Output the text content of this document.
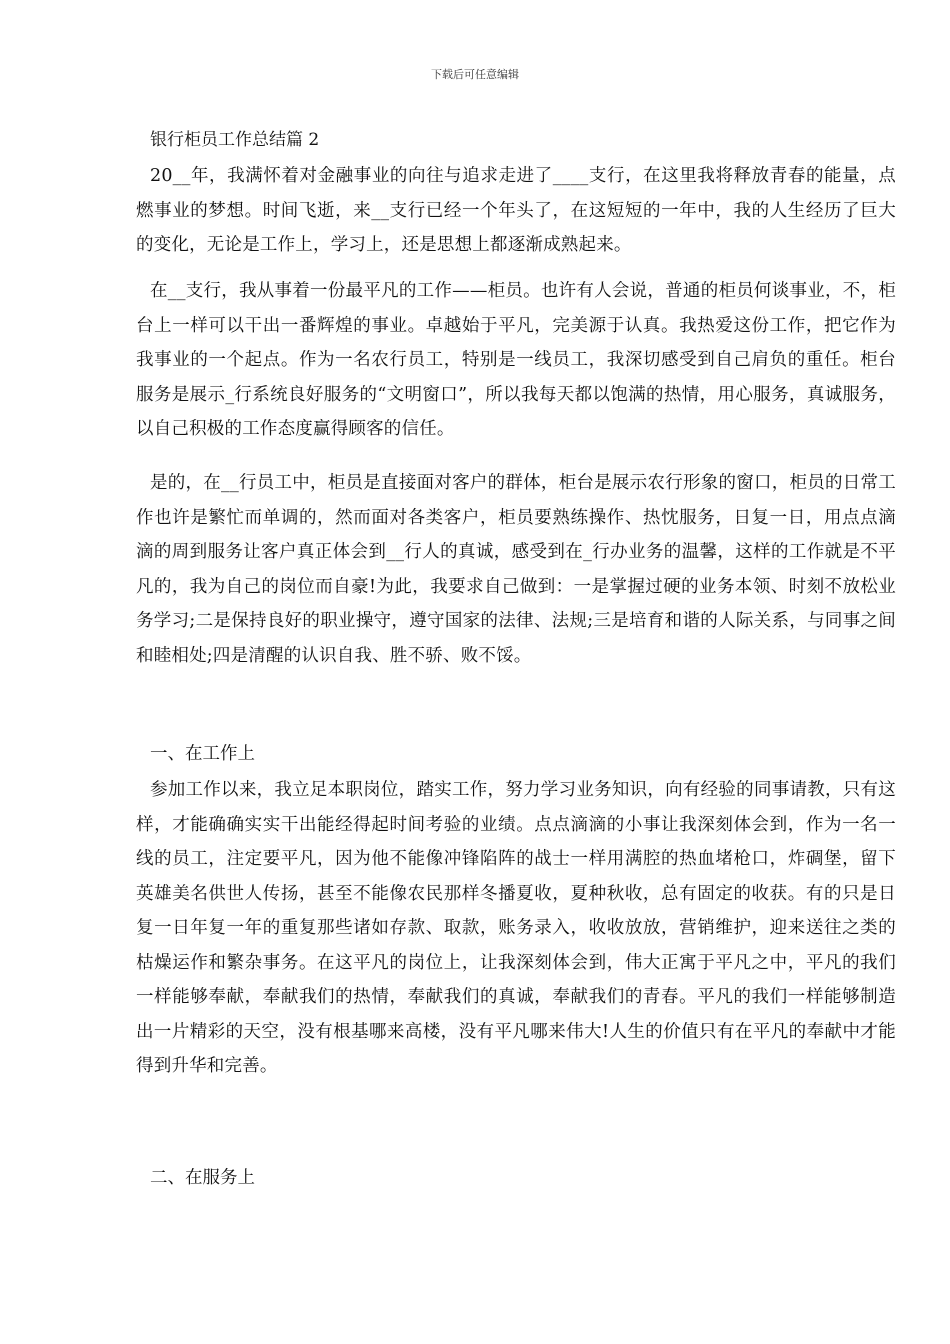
下载后可任意编辑
银行柜员工作总结篇 2

20__年，我满怀着对金融事业的向往与追求走进了____支行，在这里我将释放青春的能量，点燃事业的梦想。时间飞逝，来__支行已经一个年头了，在这短短的一年中，我的人生经历了巨大的变化，无论是工作上，学习上，还是思想上都逐渐成熟起来。

在__支行，我从事着一份最平凡的工作——柜员。也许有人会说，普通的柜员何谈事业，不，柜台上一样可以干出一番辉煌的事业。卓越始于平凡，完美源于认真。我热爱这份工作，把它作为我事业的一个起点。作为一名农行员工，特别是一线员工，我深切感受到自己肩负的重任。柜台服务是展示_行系统良好服务的“文明窗口”，所以我每天都以饱满的热情，用心服务，真诚服务，以自己积极的工作态度赢得顾客的信任。

是的，在__行员工中，柜员是直接面对客户的群体，柜台是展示农行形象的窗口，柜员的日常工作也许是繁忙而单调的，然而面对各类客户，柜员要熟练操作、热忱服务，日复一日，用点点滴滴的周到服务让客户真正体会到__行人的真诚，感受到在_行办业务的温馨，这样的工作就是不平凡的，我为自己的岗位而自豪!为此，我要求自己做到：一是掌握过硬的业务本领、时刻不放松业务学习;二是保持良好的职业操守，遵守国家的法律、法规;三是培育和谐的人际关系，与同事之间和睦相处;四是清醒的认识自我、胜不骄、败不馁。

一、在工作上

参加工作以来，我立足本职岗位，踏实工作，努力学习业务知识，向有经验的同事请教，只有这样，才能确确实实干出能经得起时间考验的业绩。点点滴滴的小事让我深刻体会到，作为一名一线的员工，注定要平凡，因为他不能像冲锋陷阵的战士一样用满腔的热血堵枪口，炸碉堡，留下英雄美名供世人传扬，甚至不能像农民那样冬播夏收，夏种秋收，总有固定的收获。有的只是日复一日年复一年的重复那些诸如存款、取款，账务录入，收收放放，营销维护，迎来送往之类的枯燥运作和繁杂事务。在这平凡的岗位上，让我深刻体会到，伟大正寓于平凡之中，平凡的我们一样能够奉献，奉献我们的热情，奉献我们的真诚，奉献我们的青春。平凡的我们一样能够制造出一片精彩的天空，没有根基哪来高楼，没有平凡哪来伟大!人生的价值只有在平凡的奉献中才能得到升华和完善。

二、在服务上
